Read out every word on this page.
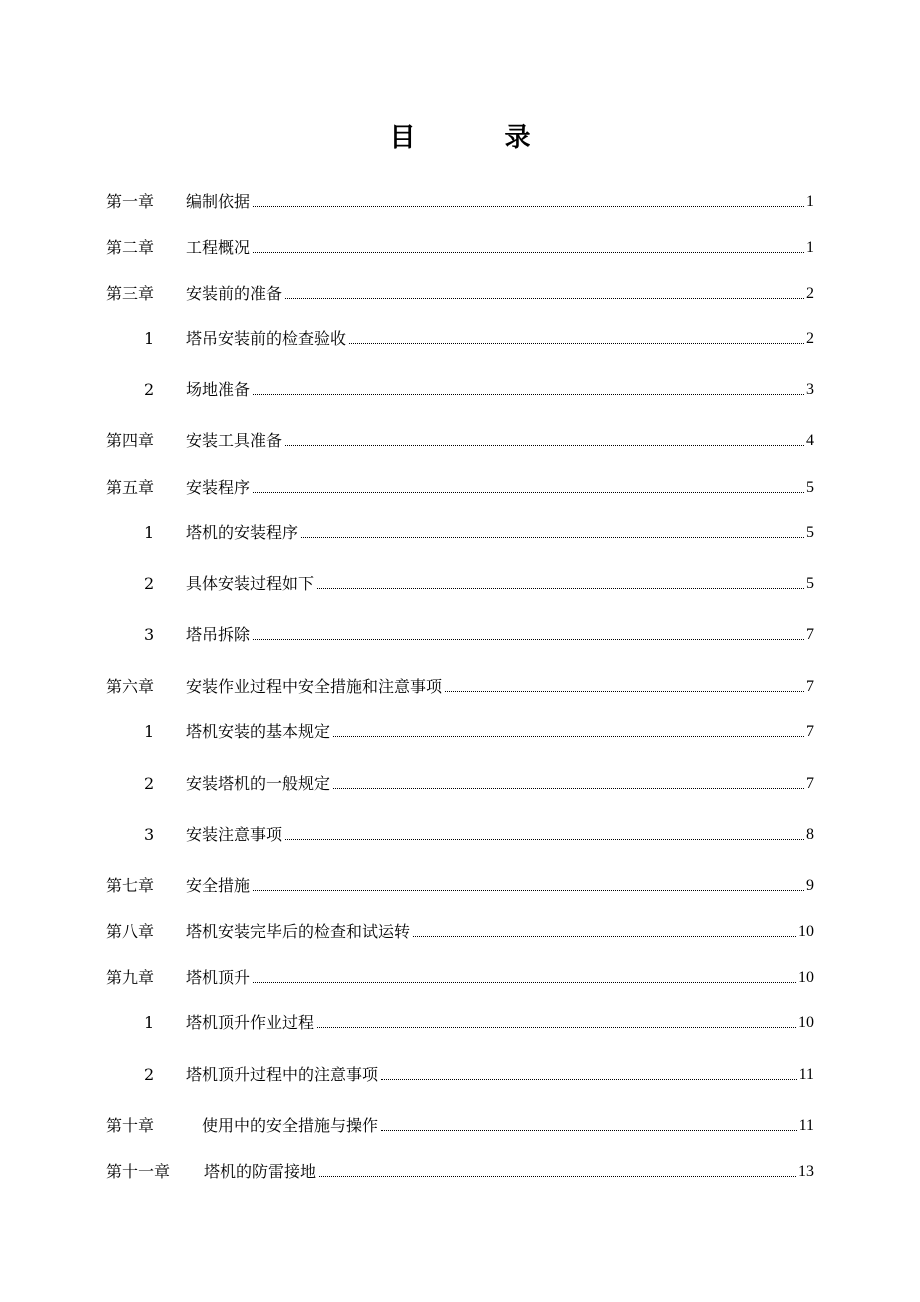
目 录
第一章 编制依据	1
第二章 工程概况	1
第三章 安装前的准备	2
1 塔吊安装前的检查验收	2
2 场地准备	3
第四章 安装工具准备	4
第五章 安装程序	5
1 塔机的安装程序	5
2 具体安装过程如下	5
3 塔吊拆除	7
第六章 安装作业过程中安全措施和注意事项	7
1 塔机安装的基本规定	7
2 安装塔机的一般规定	7
3 安装注意事项	8
第七章 安全措施	9
第八章 塔机安装完毕后的检查和试运转	10
第九章 塔机顶升	10
1 塔机顶升作业过程	10
2 塔机顶升过程中的注意事项	11
第十章	使用中的安全措施与操作	11
第十一章 塔机的防雷接地	13
